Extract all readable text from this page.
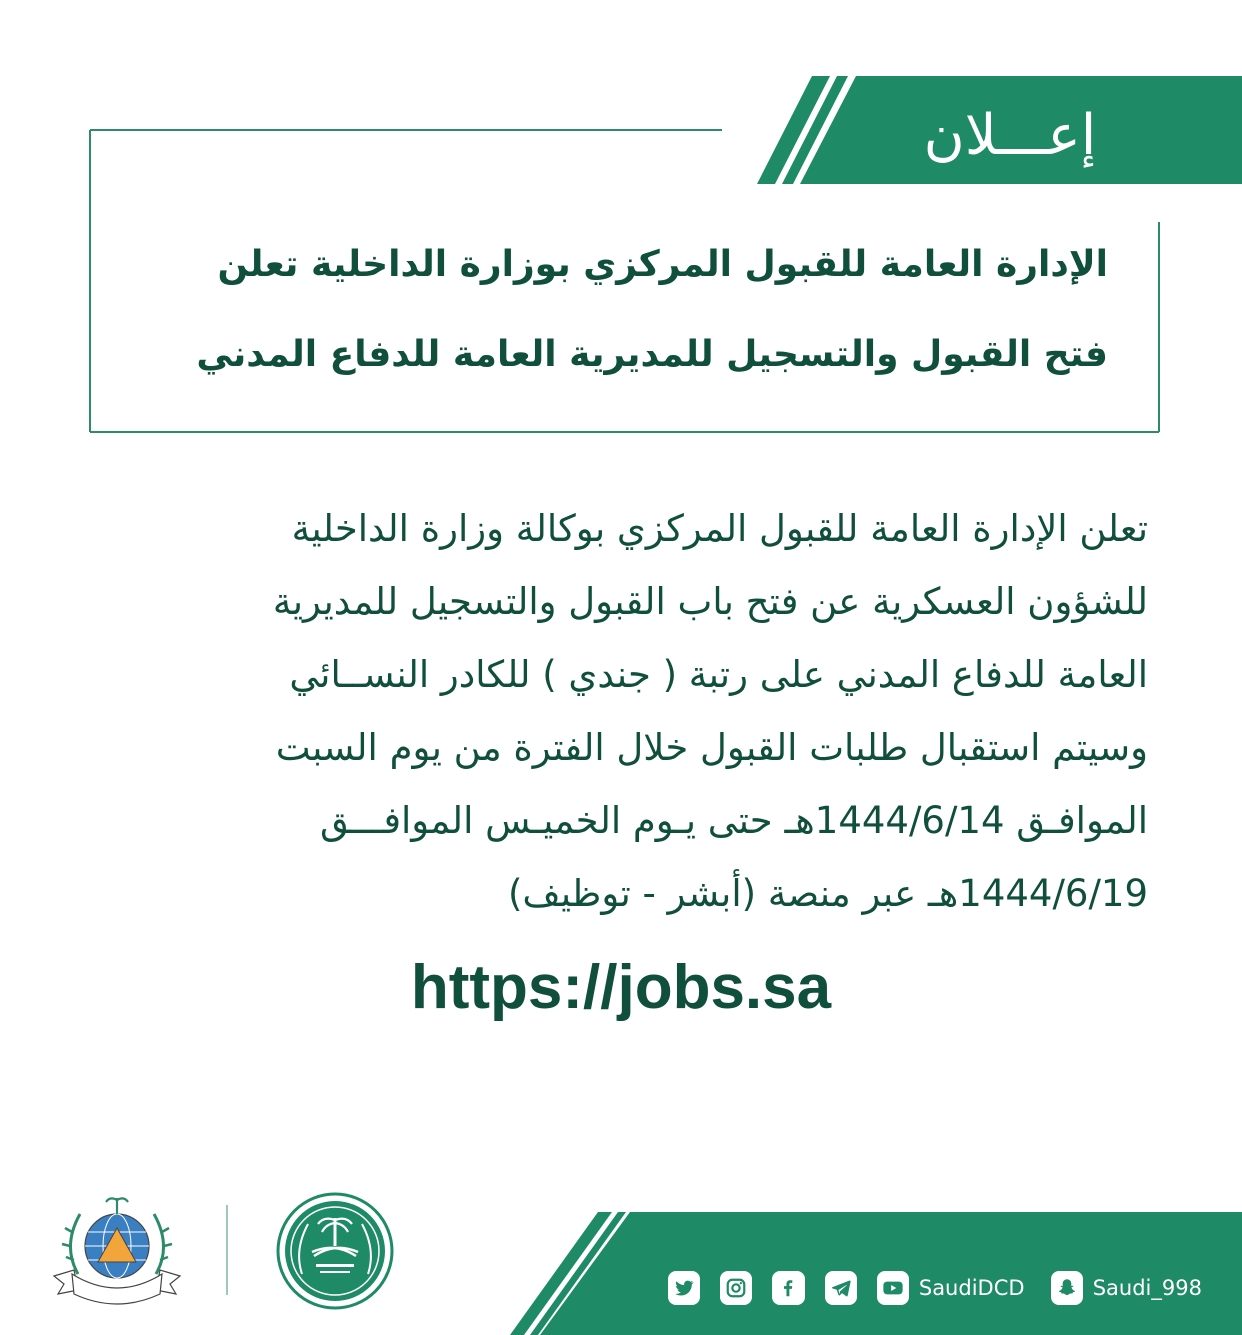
إعـــلان
الإدارة العامة للقبول المركزي بوزارة الداخلية تعلن
فتح القبول والتسجيل للمديرية العامة للدفاع المدني
تعلن الإدارة العامة للقبول المركزي بوكالة وزارة الداخلية
للشؤون العسكرية عن فتح باب القبول والتسجيل للمديرية
العامة للدفاع المدني على رتبة ( جندي ) للكادر النســائي
وسيتم استقبال طلبات القبول خلال الفترة من يوم السبت
الموافـق 1444/6/14هـ حتى يـوم الخميـس الموافـــق
1444/6/19هـ عبر منصة (أبشر - توظيف)
https://jobs.sa
SaudiDCD	Saudi_998
